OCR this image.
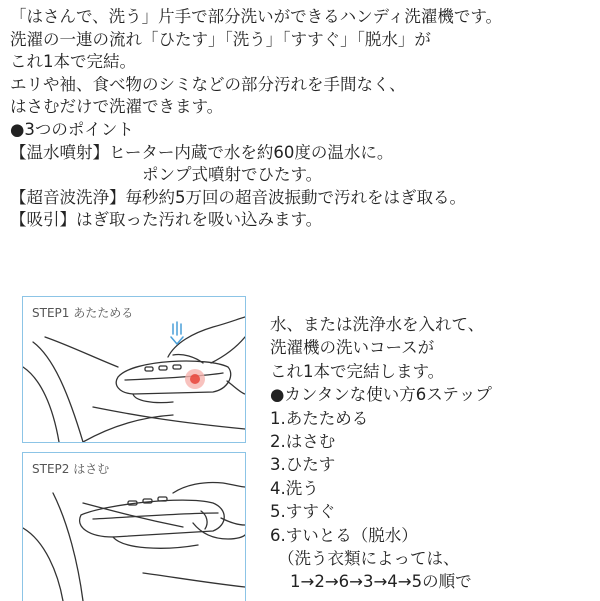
「はさんで、洗う」片手で部分洗いができるハンディ洗濯機です。
洗濯の一連の流れ「ひたす」「洗う」「すすぐ」「脱水」が
これ1本で完結。
エリや袖、食べ物のシミなどの部分汚れを手間なく、
はさむだけで洗濯できます。
●3つのポイント
【温水噴射】ヒーター内蔵で水を約60度の温水に。
ポンプ式噴射でひたす。
【超音波洗浄】毎秒約5万回の超音波振動で汚れをはぎ取る。
【吸引】はぎ取った汚れを吸い込みます。
STEP1 あたためる
STEP2 はさむ
水、または洗浄水を入れて、
洗濯機の洗いコースが
これ1本で完結します。
●カンタンな使い方6ステップ
1.あたためる
2.はさむ
3.ひたす
4.洗う
5.すすぐ
6.すいとる（脱水）
（洗う衣類によっては、
1→2→6→3→4→5の順で
